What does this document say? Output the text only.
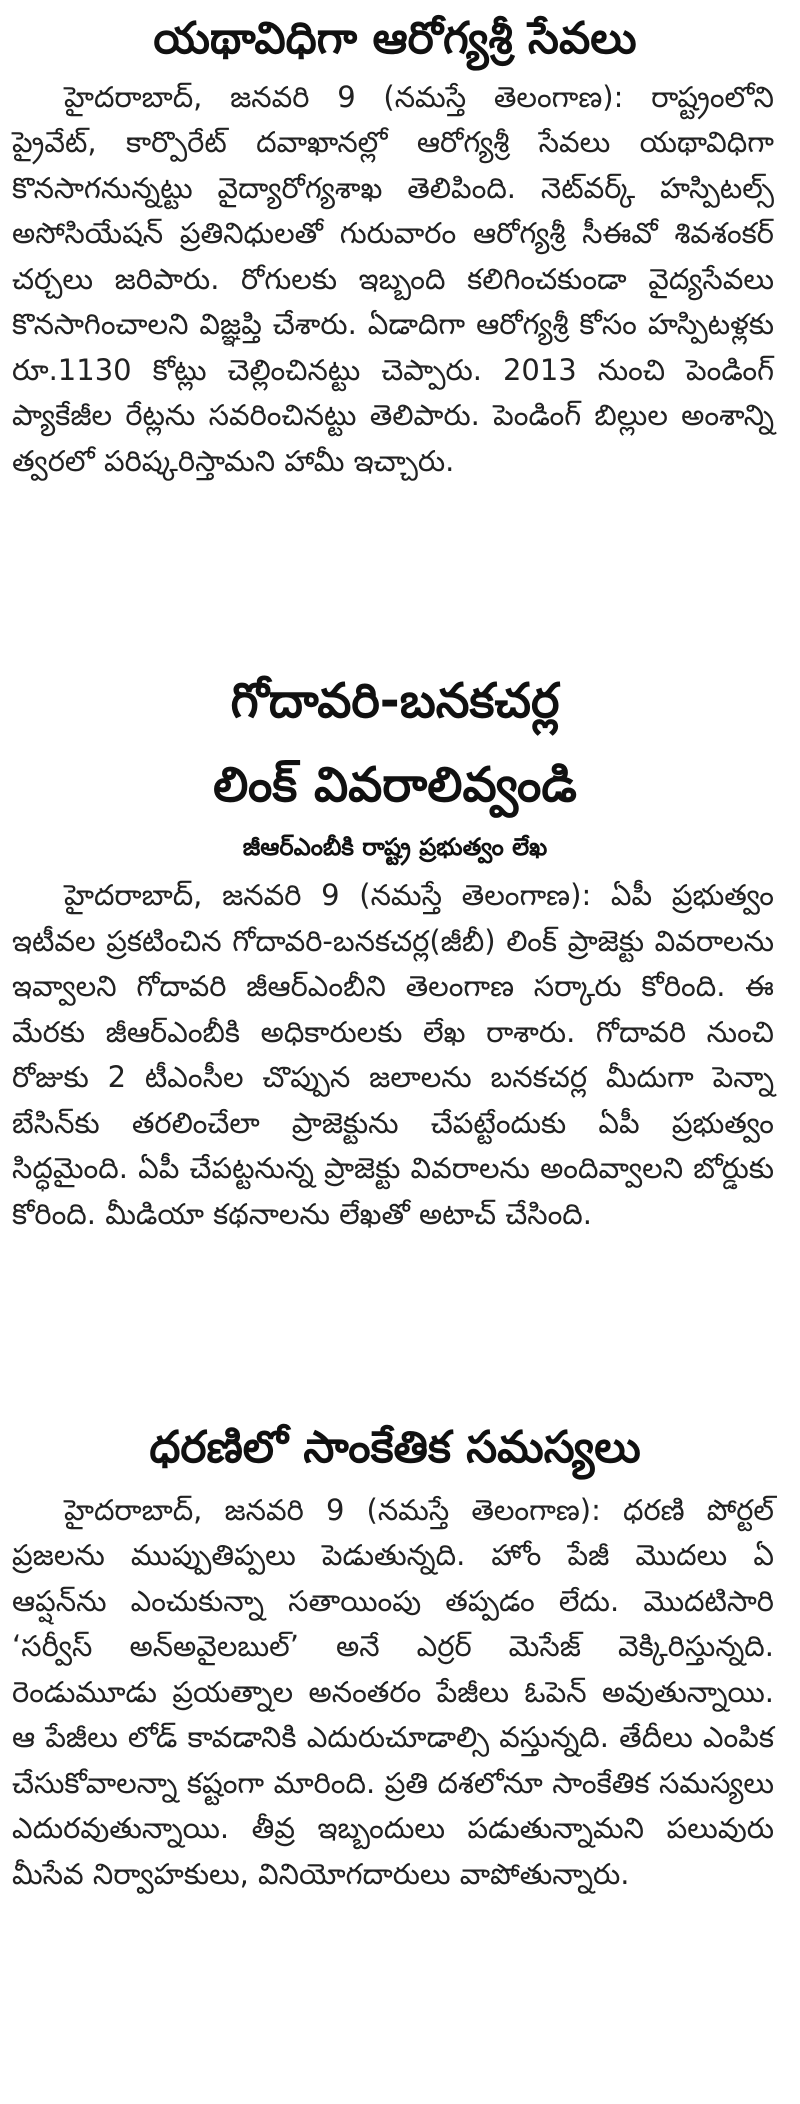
యథావిధిగా ఆరోగ్యశ్రీ సేవలు

హైదరాబాద్, జనవరి 9 (నమస్తే తెలంగాణ): రాష్ట్రంలోని ప్రైవేట్, కార్పొరేట్ దవాఖానల్లో ఆరోగ్యశ్రీ సేవలు యథావిధిగా కొనసాగనున్నట్టు వైద్యారోగ్యశాఖ తెలిపింది. నెట్‌వర్క్ హస్పిటల్స్ అసోసియేషన్ ప్రతినిధులతో గురువారం ఆరోగ్యశ్రీ సీఈవో శివశంకర్ చర్చలు జరిపారు. రోగులకు ఇబ్బంది కలిగించకుండా వైద్యసేవలు కొనసాగించాలని విజ్ఞప్తి చేశారు. ఏడాదిగా ఆరోగ్యశ్రీ కోసం హస్పిటళ్లకు రూ.1130 కోట్లు చెల్లించినట్టు చెప్పారు. 2013 నుంచి పెండింగ్ ప్యాకేజీల రేట్లను సవరించినట్టు తెలిపారు. పెండింగ్ బిల్లుల అంశాన్ని త్వరలో పరిష్కరిస్తామని హామీ ఇచ్చారు.

గోదావరి-బనకచర్ల
లింక్ వివరాలివ్వండి
జీఆర్ఎంబీకి రాష్ట్ర ప్రభుత్వం లేఖ

హైదరాబాద్, జనవరి 9 (నమస్తే తెలంగాణ): ఏపీ ప్రభుత్వం ఇటీవల ప్రకటించిన గోదావరి-బనకచర్ల(జీబీ) లింక్ ప్రాజెక్టు వివరాలను ఇవ్వాలని గోదావరి జీఆర్ఎంబీని తెలంగాణ సర్కారు కోరింది. ఈ మేరకు జీఆర్ఎంబీకి అధికారులకు లేఖ రాశారు. గోదావరి నుంచి రోజుకు 2 టీఎంసీల చొప్పున జలాలను బనకచర్ల మీదుగా పెన్నా బేసిన్‌కు తరలించేలా ప్రాజెక్టును చేపట్టేందుకు ఏపీ ప్రభుత్వం సిద్ధమైంది. ఏపీ చేపట్టనున్న ప్రాజెక్టు వివరాలను అందివ్వాలని బోర్డుకు కోరింది. మీడియా కథనాలను లేఖతో అటాచ్ చేసింది.

ధరణిలో సాంకేతిక సమస్యలు

హైదరాబాద్, జనవరి 9 (నమస్తే తెలంగాణ): ధరణి పోర్టల్ ప్రజలను ముప్పుతిప్పలు పెడుతున్నది. హోం పేజీ మొదలు ఏ ఆప్షన్‌ను ఎంచుకున్నా సతాయింపు తప్పడం లేదు. మొదటిసారి ‘సర్వీస్ అన్‌అవైలబుల్’ అనే ఎర్రర్ మెసేజ్ వెక్కిరిస్తున్నది. రెండుమూడు ప్రయత్నాల అనంతరం పేజీలు ఓపెన్ అవుతున్నాయి. ఆ పేజీలు లోడ్ కావడానికి ఎదురుచూడాల్సి వస్తున్నది. తేదీలు ఎంపిక చేసుకోవాలన్నా కష్టంగా మారింది. ప్రతి దశలోనూ సాంకేతిక సమస్యలు ఎదురవుతున్నాయి. తీవ్ర ఇబ్బందులు పడుతున్నామని పలువురు మీసేవ నిర్వాహకులు, వినియోగదారులు వాపోతున్నారు.
